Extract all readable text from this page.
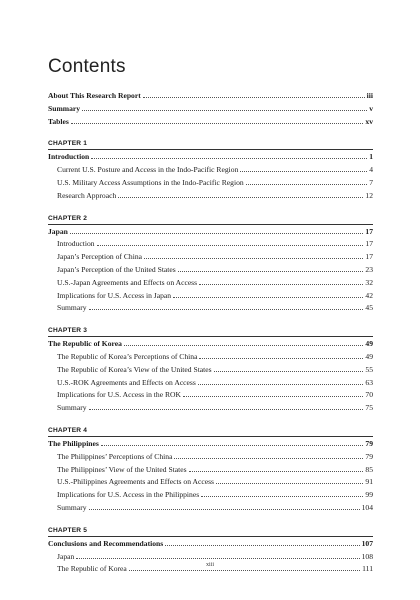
Contents
About This Research Report	iii
Summary	v
Tables	xv
CHAPTER 1
Introduction	1
Current U.S. Posture and Access in the Indo-Pacific Region	4
U.S. Military Access Assumptions in the Indo-Pacific Region	7
Research Approach	12
CHAPTER 2
Japan	17
Introduction	17
Japan’s Perception of China	17
Japan’s Perception of the United States	23
U.S.-Japan Agreements and Effects on Access	32
Implications for U.S. Access in Japan	42
Summary	45
CHAPTER 3
The Republic of Korea	49
The Republic of Korea’s Perceptions of China	49
The Republic of Korea’s View of the United States	55
U.S.-ROK Agreements and Effects on Access	63
Implications for U.S. Access in the ROK	70
Summary	75
CHAPTER 4
The Philippines	79
The Philippines’ Perceptions of China	79
The Philippines’ View of the United States	85
U.S.-Philippines Agreements and Effects on Access	91
Implications for U.S. Access in the Philippines	99
Summary	104
CHAPTER 5
Conclusions and Recommendations	107
Japan	108
The Republic of Korea	111
xiii
